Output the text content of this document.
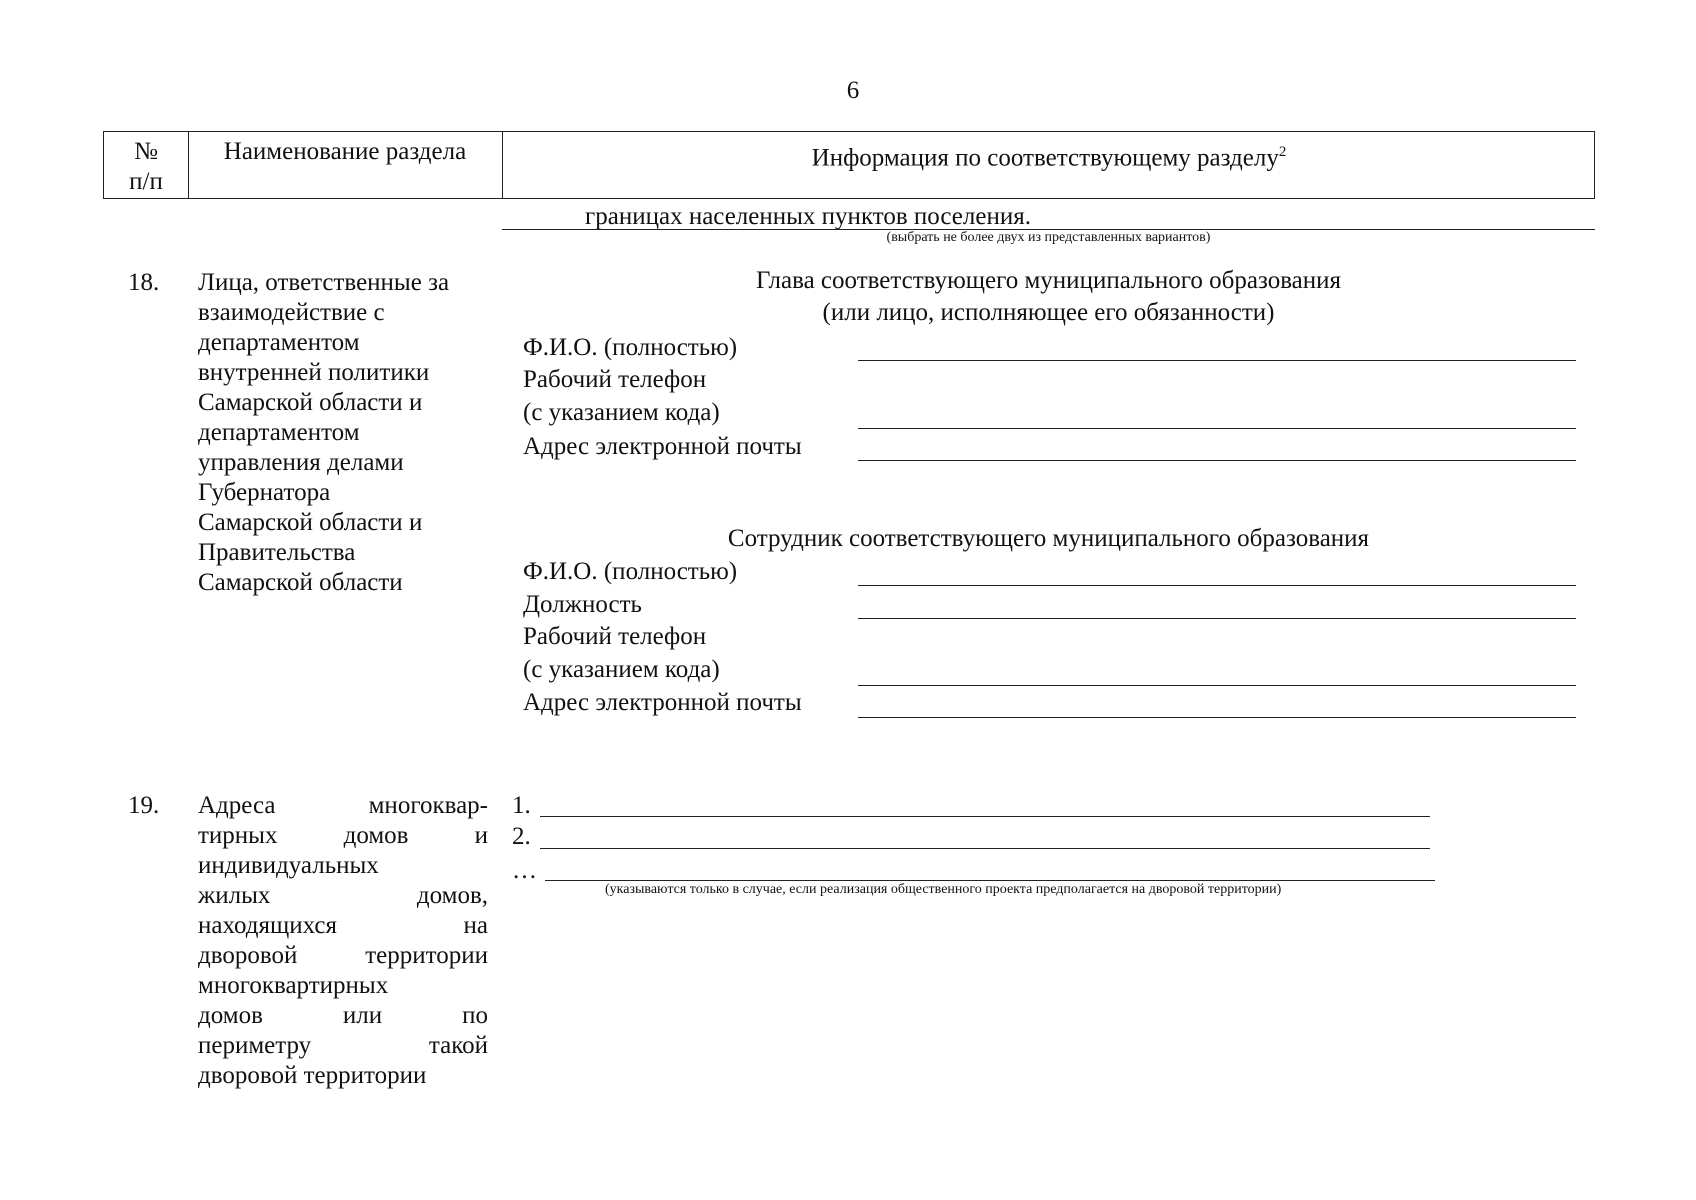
6
№
п/п
Наименование раздела	Информация по соответствующему разделу$^2$
границах населенных пунктов поселения.
(выбрать не более двух из представленных вариантов)
18. Лица, ответственные за
взаимодействие с
департаментом
внутренней политики
Самарской области и
департаментом
управления делами
Губернатора
Самарской области и
Правительства
Самарской области
Глава соответствующего муниципального образования
(или лицо, исполняющее его обязанности)
Ф.И.О. (полностью)
Рабочий телефон
(с указанием кода)
Адрес электронной почты
Сотрудник соответствующего муниципального образования
Ф.И.О. (полностью)
Должность
Рабочий телефон
(с указанием кода)
Адрес электронной почты
19. Адреса многоквар-
тирных домов и
индивидуальных
жилых домов,
находящихся на
дворовой территории
многоквартирных
домов или по
периметру такой
дворовой территории
1.
2.
…
(указываются только в случае, если реализация общественного проекта предполагается на дворовой территории)
